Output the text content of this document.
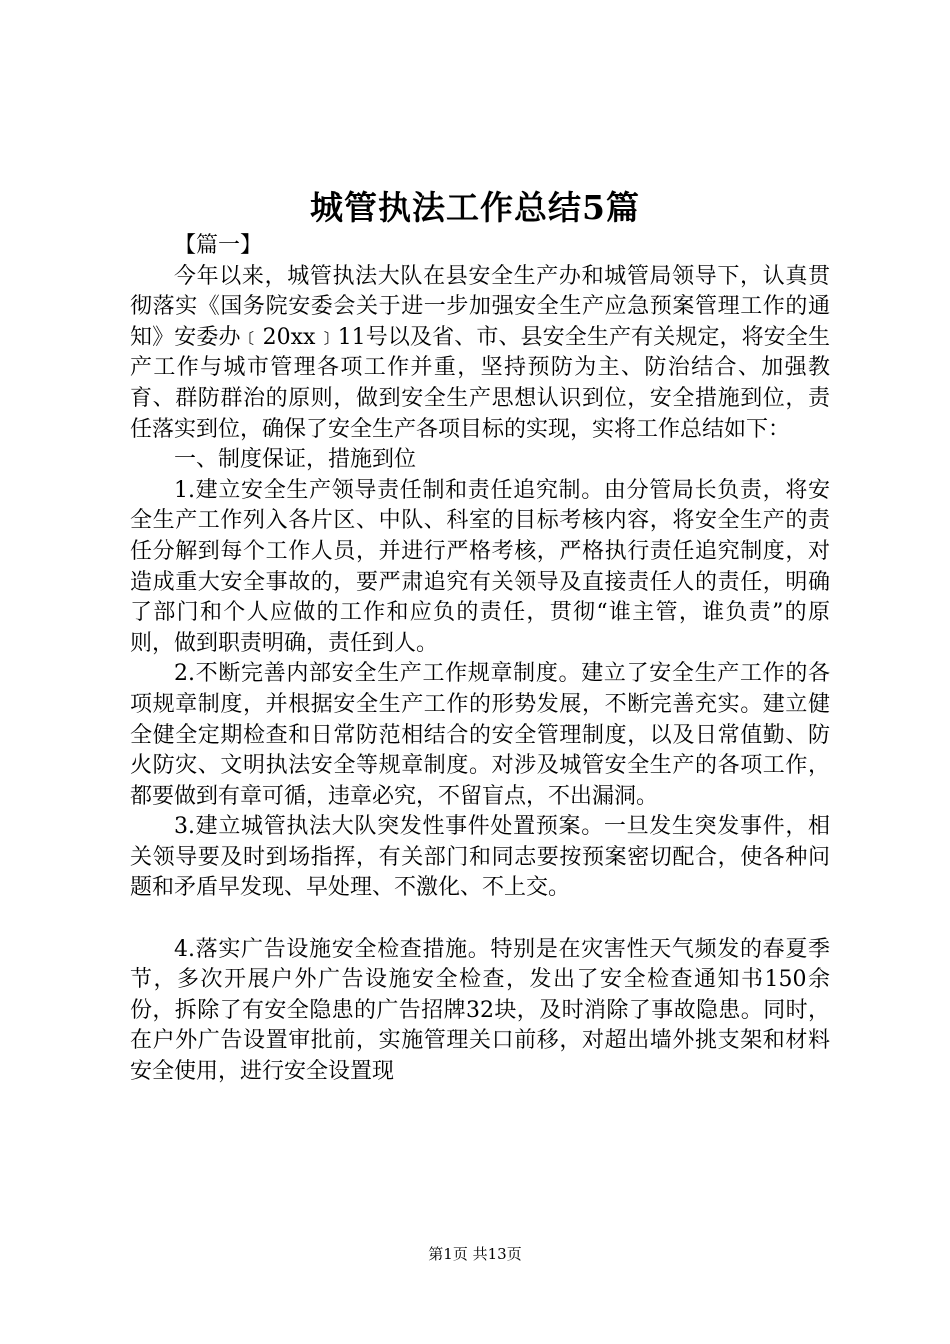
城管执法工作总结5篇

【篇一】

今年以来，城管执法大队在县安全生产办和城管局领导下，认真贯彻落实《国务院安委会关于进一步加强安全生产应急预案管理工作的通知》安委办﹝20xx﹞11号以及省、市、县安全生产有关规定，将安全生产工作与城市管理各项工作并重，坚持预防为主、防治结合、加强教育、群防群治的原则，做到安全生产思想认识到位，安全措施到位，责任落实到位，确保了安全生产各项目标的实现，实将工作总结如下：

一、制度保证，措施到位

1.建立安全生产领导责任制和责任追究制。由分管局长负责，将安全生产工作列入各片区、中队、科室的目标考核内容，将安全生产的责任分解到每个工作人员，并进行严格考核，严格执行责任追究制度，对造成重大安全事故的，要严肃追究有关领导及直接责任人的责任，明确了部门和个人应做的工作和应负的责任，贯彻“谁主管，谁负责”的原则，做到职责明确，责任到人。

2.不断完善内部安全生产工作规章制度。建立了安全生产工作的各项规章制度，并根据安全生产工作的形势发展，不断完善充实。建立健全健全定期检查和日常防范相结合的安全管理制度，以及日常值勤、防火防灾、文明执法安全等规章制度。对涉及城管安全生产的各项工作，都要做到有章可循，违章必究，不留盲点，不出漏洞。

3.建立城管执法大队突发性事件处置预案。一旦发生突发事件，相关领导要及时到场指挥，有关部门和同志要按预案密切配合，使各种问题和矛盾早发现、早处理、不激化、不上交。

4.落实广告设施安全检查措施。特别是在灾害性天气频发的春夏季节，多次开展户外广告设施安全检查，发出了安全检查通知书150余份，拆除了有安全隐患的广告招牌32块，及时消除了事故隐患。同时，在户外广告设置审批前，实施管理关口前移，对超出墙外挑支架和材料安全使用，进行安全设置现

第1页 共13页
